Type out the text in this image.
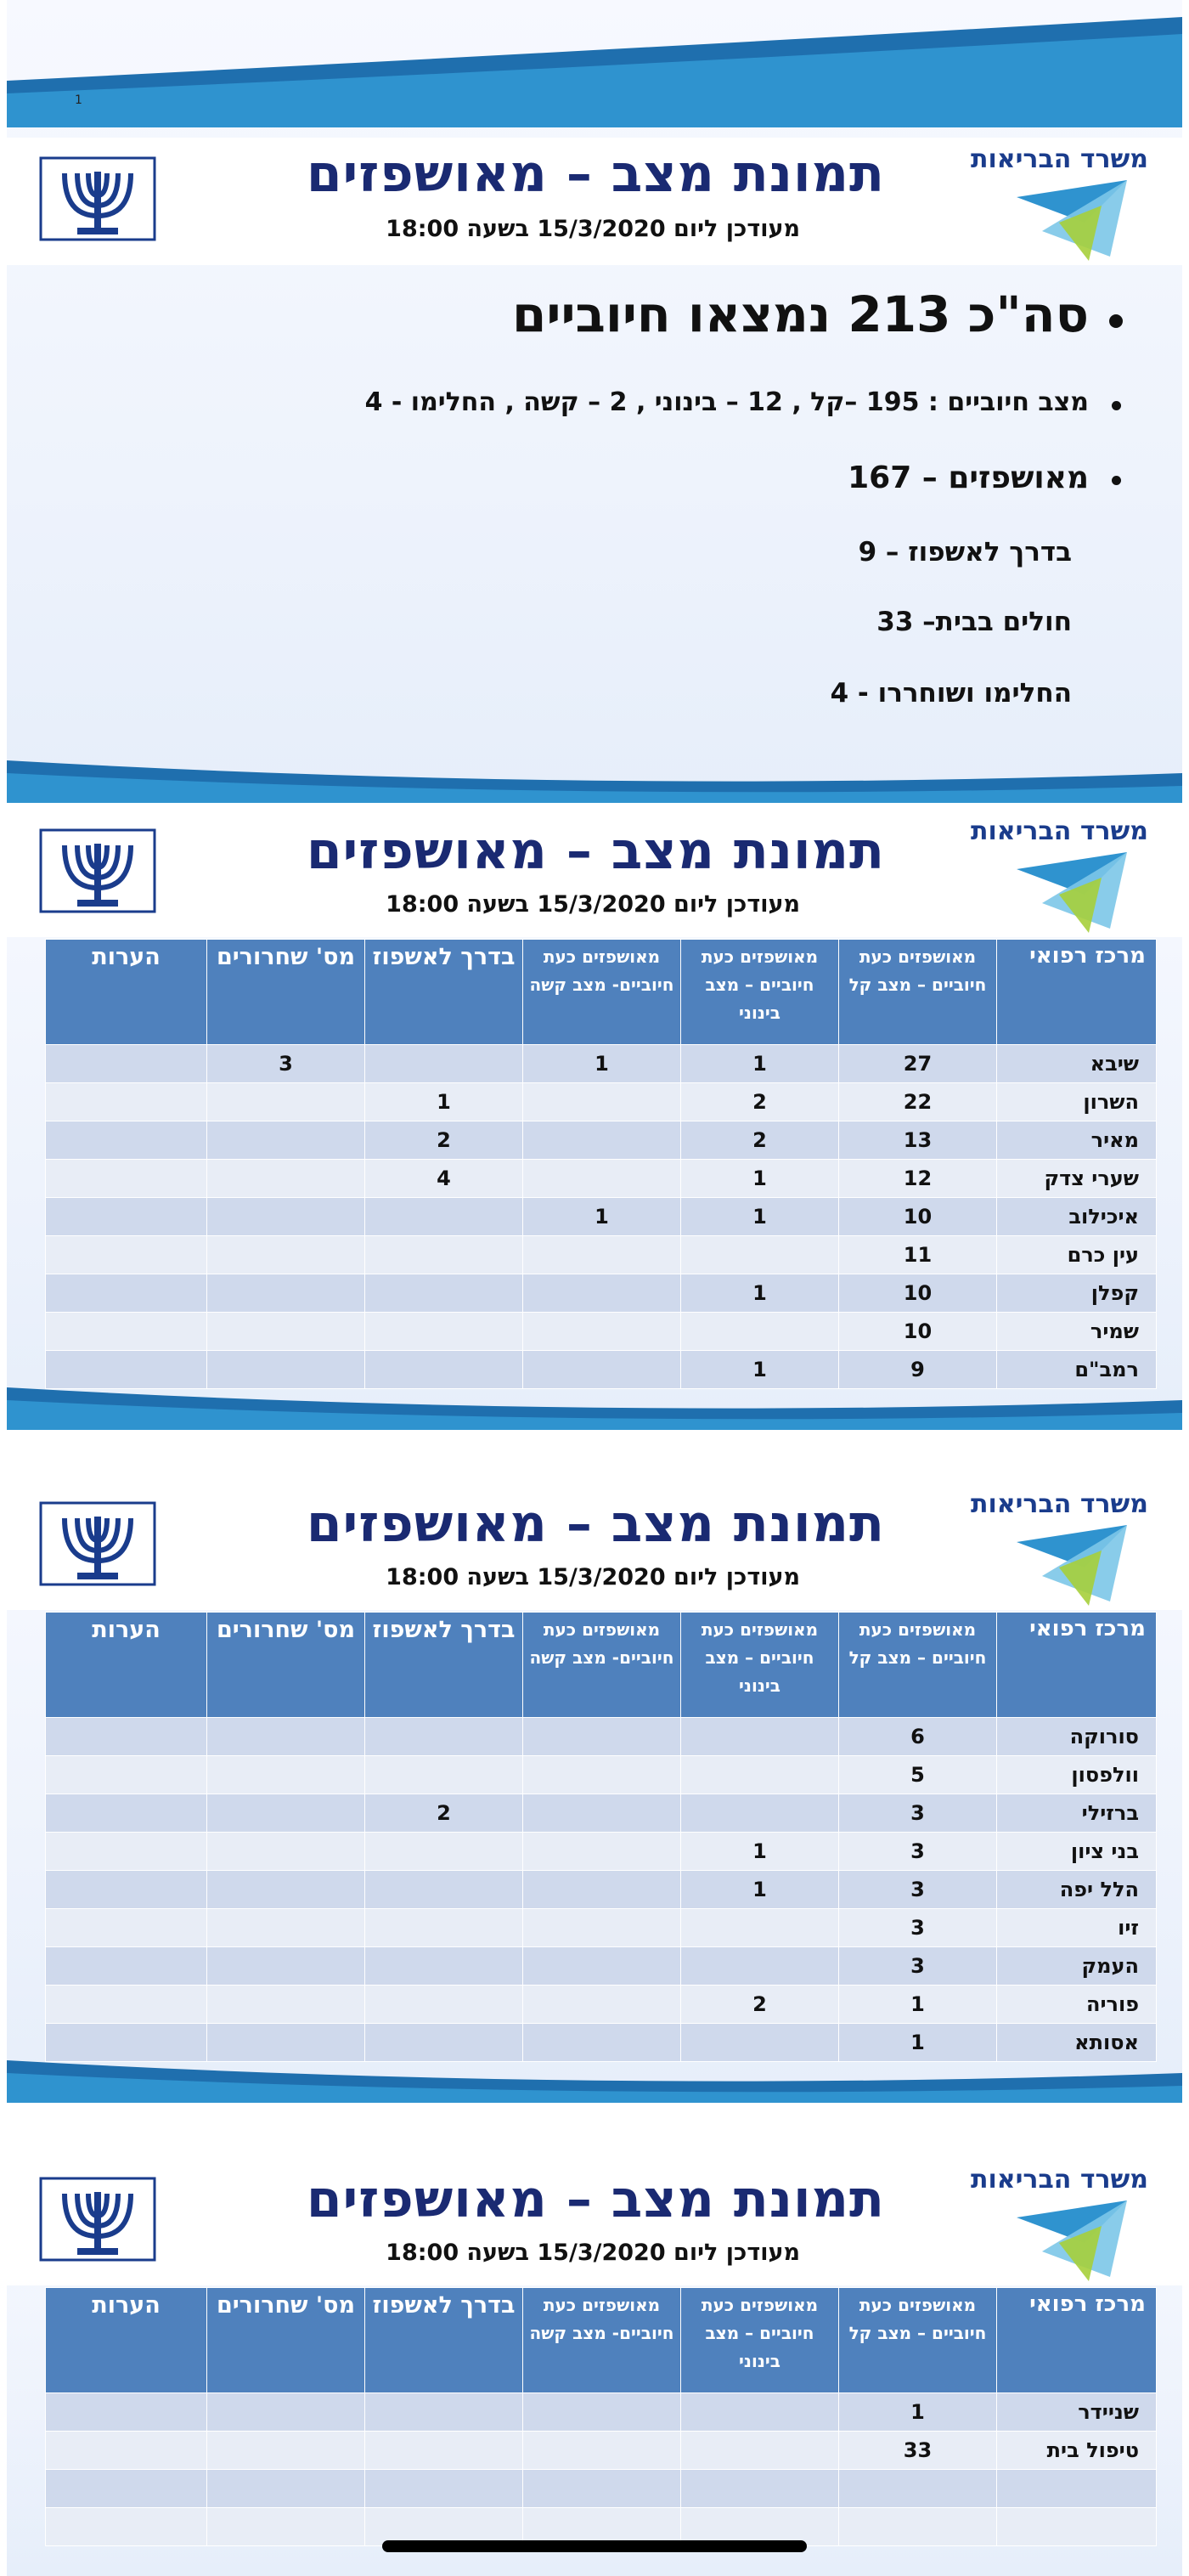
1
תמונת מצב – מאושפזים
מעודכן ליום 15/3/2020 בשעה 18:00
משרד הבריאות
סה"כ 213 נמצאו חיוביים
מצב חיוביים : 195 –קל , 12 – בינוני , 2 – קשה , החלימו - 4
מאושפזים – 167
בדרך לאשפוז – 9
חולים בבית– 33
החלימו ושוחררו - 4
תמונת מצב – מאושפזים
מעודכן ליום 15/3/2020 בשעה 18:00
משרד הבריאות
מרכז רפואי	מאושפזים כעת חיוביים – מצב קל	מאושפזים כעת חיוביים – מצב בינוני	מאושפזים כעת חיוביים- מצב קשה	בדרך לאשפוז	מס' שחרורים	הערות
שיבא	27	1	1		3	
השרון	22	2		1		
מאיר	13	2		2		
שערי צדק	12	1		4		
איכילוב	10	1	1			
עין כרם	11					
קפלן	10	1				
שמיר	10					
רמב"ם	9	1				
תמונת מצב – מאושפזים
מעודכן ליום 15/3/2020 בשעה 18:00
משרד הבריאות
מרכז רפואי	מאושפזים כעת חיוביים – מצב קל	מאושפזים כעת חיוביים – מצב בינוני	מאושפזים כעת חיוביים- מצב קשה	בדרך לאשפוז	מס' שחרורים	הערות
סורוקה	6					
וולפסון	5					
ברזילי	3			2		
בני ציון	3	1				
הלל יפה	3	1				
זיו	3					
העמק	3					
פוריה	1	2				
אסותא	1					
תמונת מצב – מאושפזים
מעודכן ליום 15/3/2020 בשעה 18:00
משרד הבריאות
מרכז רפואי	מאושפזים כעת חיוביים – מצב קל	מאושפזים כעת חיוביים – מצב בינוני	מאושפזים כעת חיוביים- מצב קשה	בדרך לאשפוז	מס' שחרורים	הערות
שניידר	1					
טיפול בית	33					
